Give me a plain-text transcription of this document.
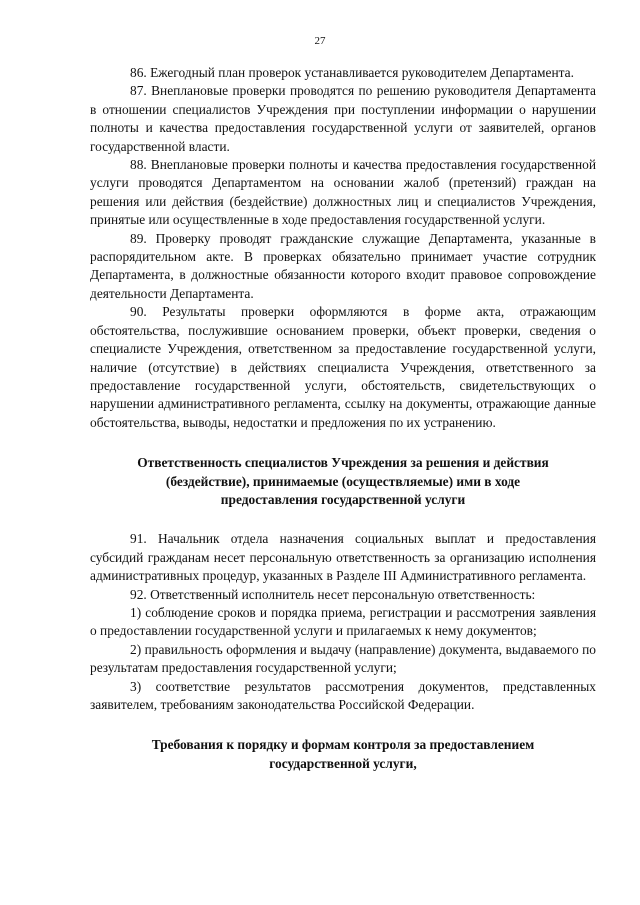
27

86. Ежегодный план проверок устанавливается руководителем Департамента.

87. Внеплановые проверки проводятся по решению руководителя Департамента в отношении специалистов Учреждения при поступлении информации о нарушении полноты и качества предоставления государственной услуги от заявителей, органов государственной власти.

88. Внеплановые проверки полноты и качества предоставления государственной услуги проводятся Департаментом на основании жалоб (претензий) граждан на решения или действия (бездействие) должностных лиц и специалистов Учреждения, принятые или осуществленные в ходе предоставления государственной услуги.

89. Проверку проводят гражданские служащие Департамента, указанные в распорядительном акте. В проверках обязательно принимает участие сотрудник Департамента, в должностные обязанности которого входит правовое сопровождение деятельности Департамента.

90. Результаты проверки оформляются в форме акта, отражающим обстоятельства, послужившие основанием проверки, объект проверки, сведения о специалисте Учреждения, ответственном за предоставление государственной услуги, наличие (отсутствие) в действиях специалиста Учреждения, ответственного за предоставление государственной услуги, обстоятельств, свидетельствующих о нарушении административного регламента, ссылку на документы, отражающие данные обстоятельства, выводы, недостатки и предложения по их устранению.

Ответственность специалистов Учреждения за решения и действия (бездействие), принимаемые (осуществляемые) ими в ходе предоставления государственной услуги

91. Начальник отдела назначения социальных выплат и предоставления субсидий гражданам несет персональную ответственность за организацию исполнения административных процедур, указанных в Разделе III Административного регламента.

92. Ответственный исполнитель несет персональную ответственность:

1) соблюдение сроков и порядка приема, регистрации и рассмотрения заявления о предоставлении государственной услуги и прилагаемых к нему документов;

2) правильность оформления и выдачу (направление) документа, выдаваемого по результатам предоставления государственной услуги;

3) соответствие результатов рассмотрения документов, представленных заявителем, требованиям законодательства Российской Федерации.

Требования к порядку и формам контроля за предоставлением государственной услуги,
